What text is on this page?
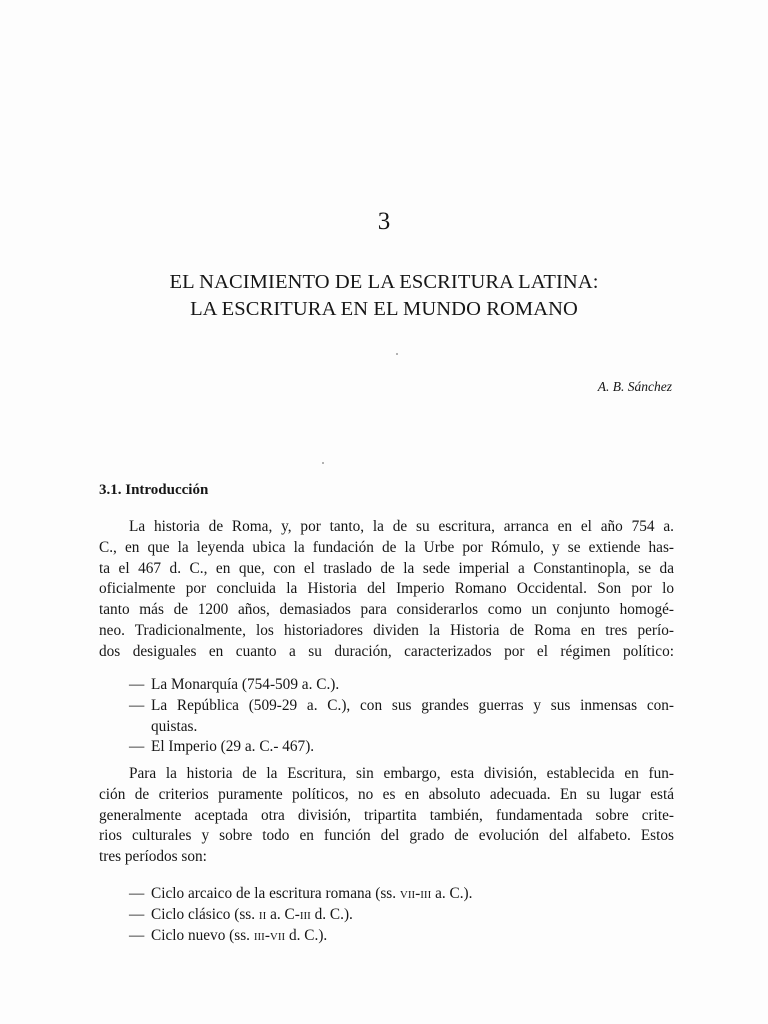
3
EL NACIMIENTO DE LA ESCRITURA LATINA:
LA ESCRITURA EN EL MUNDO ROMANO
A. B. Sánchez
3.1. Introducción
La historia de Roma, y, por tanto, la de su escritura, arranca en el año 754 a.
C., en que la leyenda ubica la fundación de la Urbe por Rómulo, y se extiende has-
ta el 467 d. C., en que, con el traslado de la sede imperial a Constantinopla, se da
oficialmente por concluida la Historia del Imperio Romano Occidental. Son por lo
tanto más de 1200 años, demasiados para considerarlos como un conjunto homogé-
neo. Tradicionalmente, los historiadores dividen la Historia de Roma en tres perío-
dos desiguales en cuanto a su duración, caracterizados por el régimen político:
— La Monarquía (754-509 a. C.).
— La República (509-29 a. C.), con sus grandes guerras y sus inmensas con-
quistas.
— El Imperio (29 a. C.- 467).
Para la historia de la Escritura, sin embargo, esta división, establecida en fun-
ción de criterios puramente políticos, no es en absoluto adecuada. En su lugar está
generalmente aceptada otra división, tripartita también, fundamentada sobre crite-
rios culturales y sobre todo en función del grado de evolución del alfabeto. Estos
tres períodos son:
— Ciclo arcaico de la escritura romana (ss. vii-iii a. C.).
— Ciclo clásico (ss. ii a. C-iii d. C.).
— Ciclo nuevo (ss. iii-vii d. C.).
